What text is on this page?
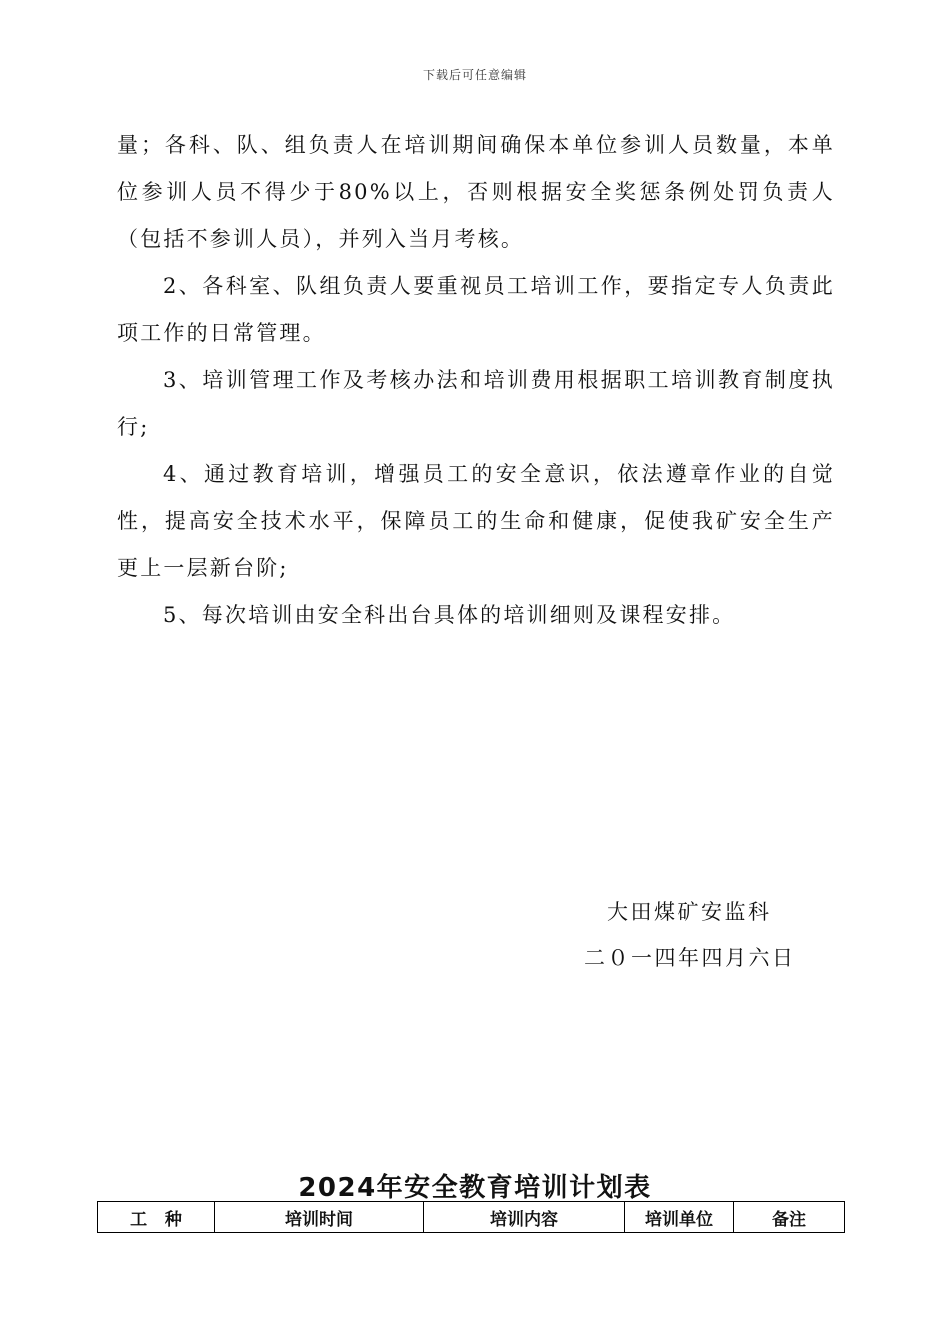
下载后可任意编辑

量；各科、队、组负责人在培训期间确保本单位参训人员数量，本单位参训人员不得少于80%以上，否则根据安全奖惩条例处罚负责人（包括不参训人员），并列入当月考核。

2、各科室、队组负责人要重视员工培训工作，要指定专人负责此项工作的日常管理。

3、培训管理工作及考核办法和培训费用根据职工培训教育制度执行;

4、通过教育培训，增强员工的安全意识，依法遵章作业的自觉性，提高安全技术水平，保障员工的生命和健康，促使我矿安全生产更上一层新台阶;

5、每次培训由安全科出台具体的培训细则及课程安排。

大田煤矿安监科
二０一四年四月六日
2024年安全教育培训计划表
工   种	培训时间	培训内容	培训单位	备注
